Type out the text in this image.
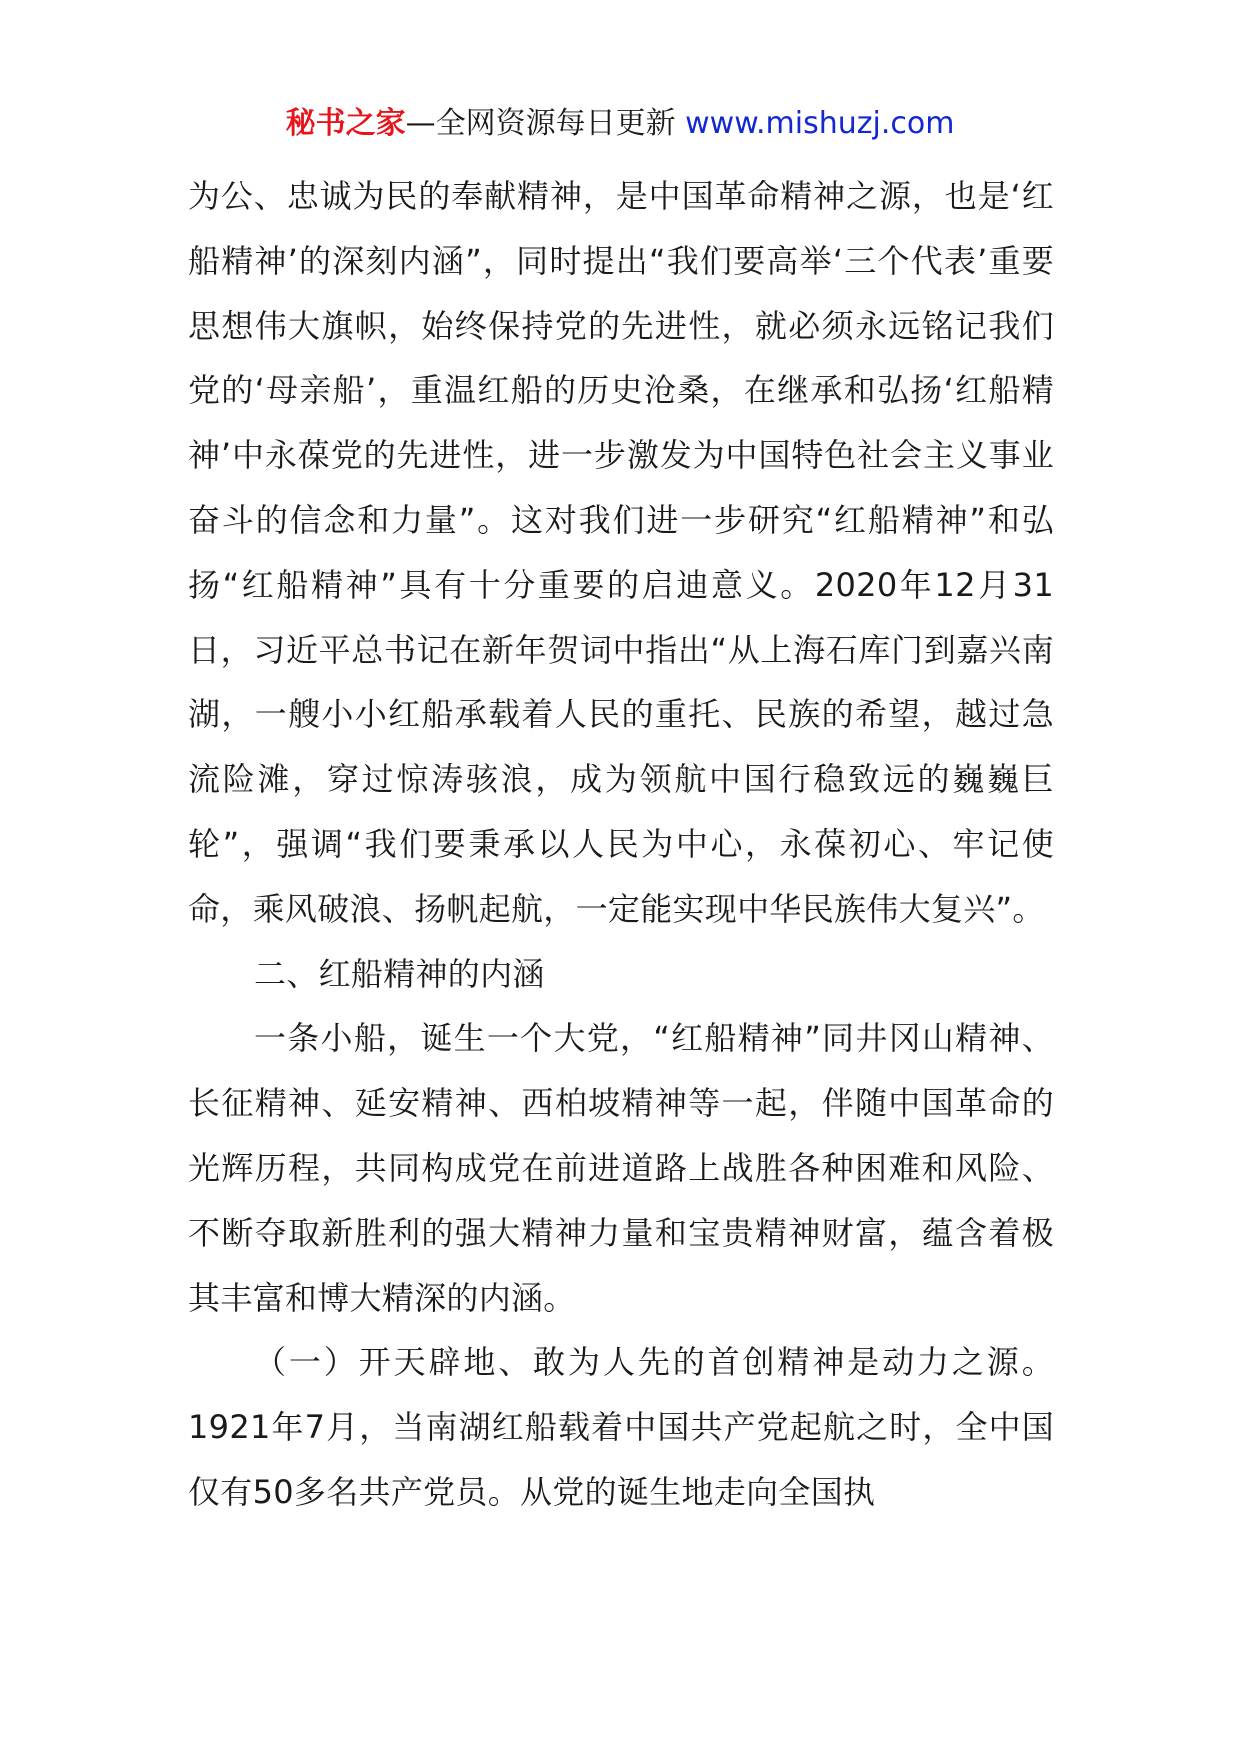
秘书之家—全网资源每日更新 www.mishuzj.com

为公、忠诚为民的奉献精神，是中国革命精神之源，也是‘红船精神’的深刻内涵”，同时提出“我们要高举‘三个代表’重要思想伟大旗帜，始终保持党的先进性，就必须永远铭记我们党的‘母亲船’，重温红船的历史沧桑，在继承和弘扬‘红船精神’中永葆党的先进性，进一步激发为中国特色社会主义事业奋斗的信念和力量”。这对我们进一步研究“红船精神”和弘扬“红船精神”具有十分重要的启迪意义。2020年12月31日，习近平总书记在新年贺词中指出“从上海石库门到嘉兴南湖，一艘小小红船承载着人民的重托、民族的希望，越过急流险滩，穿过惊涛骇浪，成为领航中国行稳致远的巍巍巨轮”，强调“我们要秉承以人民为中心，永葆初心、牢记使命，乘风破浪、扬帆起航，一定能实现中华民族伟大复兴”。

二、红船精神的内涵

一条小船，诞生一个大党，“红船精神”同井冈山精神、长征精神、延安精神、西柏坡精神等一起，伴随中国革命的光辉历程，共同构成党在前进道路上战胜各种困难和风险、不断夺取新胜利的强大精神力量和宝贵精神财富，蕴含着极其丰富和博大精深的内涵。

（一）开天辟地、敢为人先的首创精神是动力之源。1921年7月，当南湖红船载着中国共产党起航之时，全中国仅有50多名共产党员。从党的诞生地走向全国执
